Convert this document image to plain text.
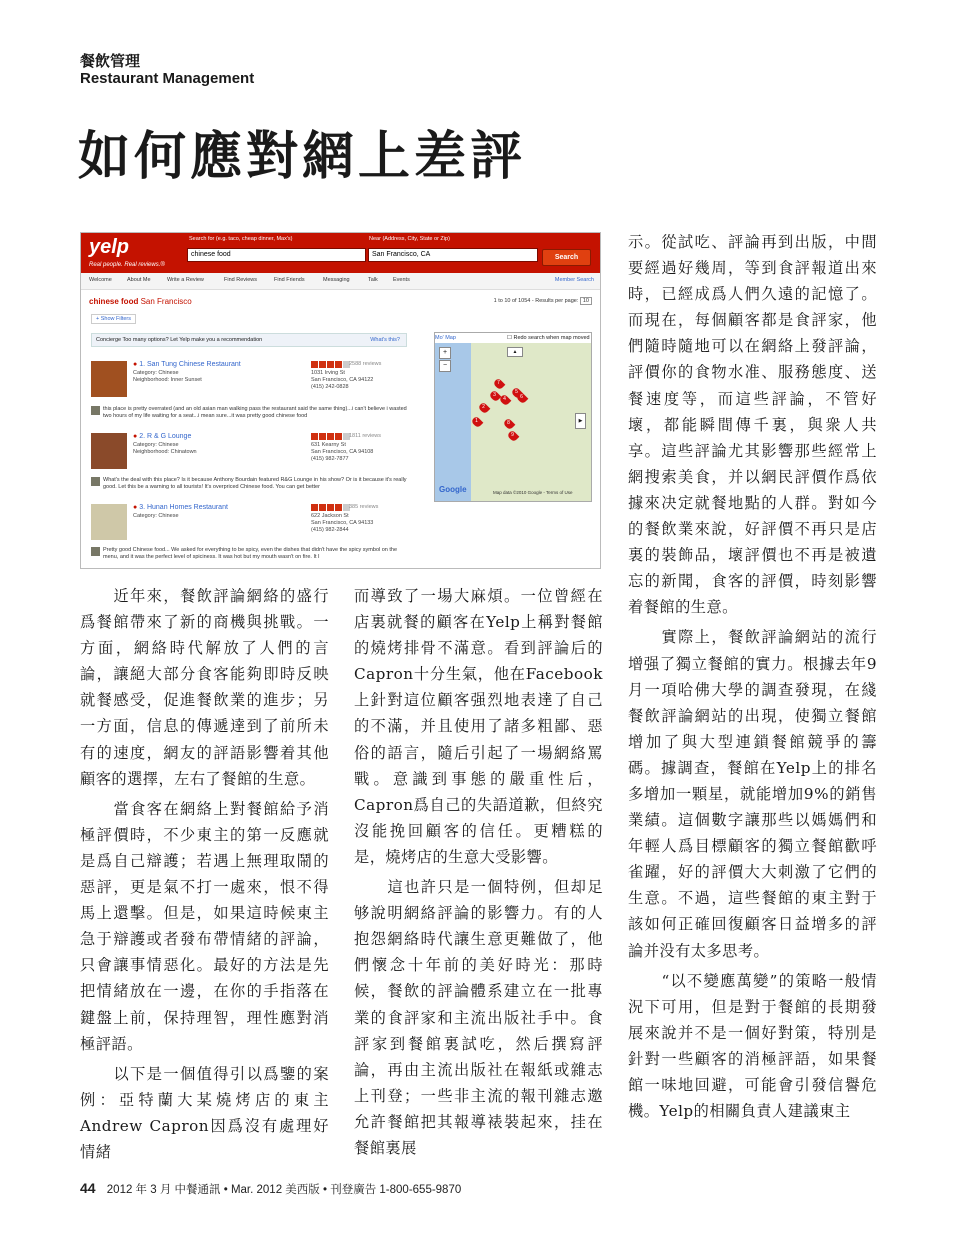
餐飲管理
Restaurant Management
如何應對網上差評
yelp
Real people. Real reviews.®
Search for (e.g. taco, cheap dinner, Max's)
chinese food
Near (Address, City, State or Zip)
San Francisco, CA	Search
Welcome	About Me	Write a Review	Find Reviews	Find Friends	Messaging	Talk	Events	Member Search
chinese food San Francisco	1 to 10 of 1054 - Results per page: 10
+ Show Filters
Concierge Too many options? Let Yelp make you a recommendation	What's this?
● 1. San Tung Chinese Restaurant
Category: Chinese
Neighborhood: Inner Sunset
2588 reviews
1031 Irving St
San Francisco, CA 94122
(415) 242-0828
this place is pretty overrated (and an old asian man walking pass the restaurant said the same thing)...i can't believe i wasted two hours of my life waiting for a seat...i mean sure...it was pretty good chinese food
● 2. R & G Lounge
Category: Chinese
Neighborhood: Chinatown
1811 reviews
631 Kearny St
San Francisco, CA 94108
(415) 982-7877
What's the deal with this place? Is it because Anthony Bourdain featured R&G Lounge in his show? Or is it because it's really good. Let this be a warning to all tourists! It's overpriced Chinese food. You can get better
● 3. Hunan Homes Restaurant
Category: Chinese
385 reviews
622 Jackson St
San Francisco, CA 94133
(415) 982-2844
Pretty good Chinese food... We asked for everything to be spicy, even the dishes that didn't have the spicy symbol on the menu, and it was the perfect level of spiciness. It was hot but my mouth wasn't on fire. It I
Mo' Map	☐ Redo search when map moved
+
−
▲
▶
1
2
3
4
5
6
7
8
9
Google	Map data ©2010 Google - Terms of Use

近年來，餐飲評論網絡的盛行爲餐館帶來了新的商機與挑戰。一方面，網絡時代解放了人們的言論，讓絕大部分食客能夠即時反映就餐感受，促進餐飲業的進步；另一方面，信息的傳遞達到了前所未有的速度，網友的評語影響着其他顧客的選擇，左右了餐館的生意。

當食客在網絡上對餐館給予消極評價時，不少東主的第一反應就是爲自己辯護；若遇上無理取鬧的惡評，更是氣不打一處來，恨不得馬上還擊。但是，如果這時候東主急于辯護或者發布帶情緒的評論，只會讓事情惡化。最好的方法是先把情緒放在一邊，在你的手指落在鍵盤上前，保持理智，理性應對消極評語。

以下是一個值得引以爲鑒的案例：亞特蘭大某燒烤店的東主Andrew Capron因爲沒有處理好情緒

而導致了一場大麻煩。一位曾經在店裏就餐的顧客在Yelp上稱對餐館的燒烤排骨不滿意。看到評論后的Capron十分生氣，他在Facebook上針對這位顧客强烈地表達了自己的不滿，并且使用了諸多粗鄙、惡俗的語言，隨后引起了一場網絡罵戰。意識到事態的嚴重性后，Capron爲自己的失語道歉，但終究沒能挽回顧客的信任。更糟糕的是，燒烤店的生意大受影響。

這也許只是一個特例，但却足够說明網絡評論的影響力。有的人抱怨網絡時代讓生意更難做了，他們懷念十年前的美好時光：那時候，餐飲的評論體系建立在一批專業的食評家和主流出版社手中。食評家到餐館裏試吃，然后撰寫評論，再由主流出版社在報紙或雜志上刊登；一些非主流的報刊雜志邀允許餐館把其報導裱裝起來，挂在餐館裏展

示。從試吃、評論再到出版，中間要經過好幾周，等到食評報道出來時，已經成爲人們久遠的記憶了。而現在，每個顧客都是食評家，他們隨時隨地可以在網絡上發評論，評價你的食物水准、服務態度、送餐速度等，而這些評論，不管好壞，都能瞬間傳千裏，與衆人共享。這些評論尤其影響那些經常上網搜索美食，并以網民評價作爲依據來决定就餐地點的人群。對如今的餐飲業來說，好評價不再只是店裏的裝飾品，壞評價也不再是被遺忘的新聞，食客的評價，時刻影響着餐館的生意。

實際上，餐飲評論網站的流行增强了獨立餐館的實力。根據去年9月一項哈佛大學的調查發現，在綫餐飲評論網站的出現，使獨立餐館增加了與大型連鎖餐館競爭的籌碼。據調查，餐館在Yelp上的排名多增加一顆星，就能增加9%的銷售業績。這個數字讓那些以媽媽們和年輕人爲目標顧客的獨立餐館歡呼雀躍，好的評價大大刺激了它們的生意。不過，這些餐館的東主對于該如何正確回復顧客日益增多的評論并没有太多思考。

“以不變應萬變”的策略一般情況下可用，但是對于餐館的長期發展來說并不是一個好對策，特別是針對一些顧客的消極評語，如果餐館一味地回避，可能會引發信譽危機。Yelp的相關負責人建議東主

44 2012 年 3 月 中餐通訊 • Mar. 2012 美西版 • 刊登廣告 1-800-655-9870
